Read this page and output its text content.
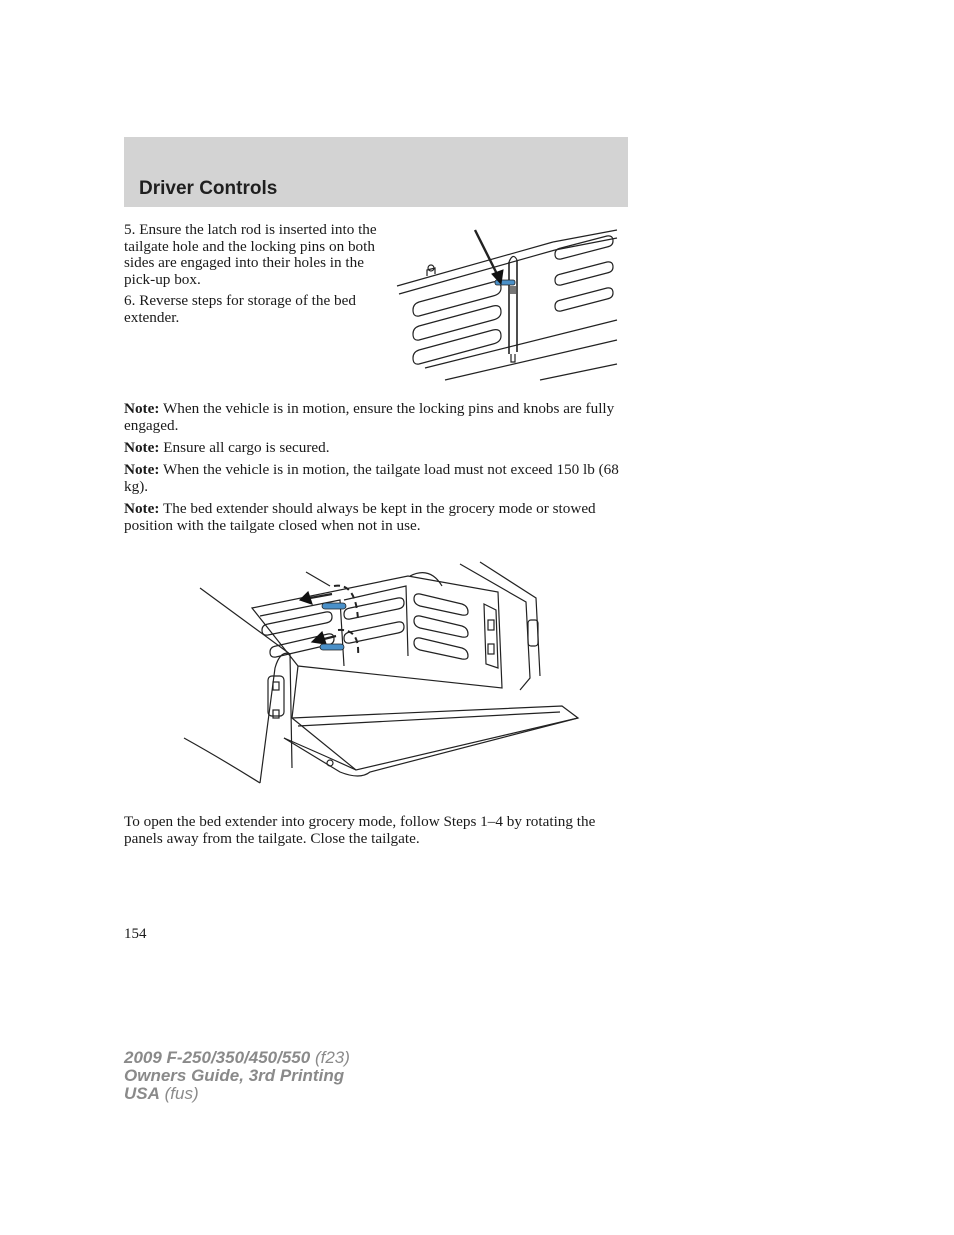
Driver Controls

5. Ensure the latch rod is inserted into the tailgate hole and the locking pins on both sides are engaged into their holes in the pick-up box.

6. Reverse steps for storage of the bed extender.

Note: When the vehicle is in motion, ensure the locking pins and knobs are fully engaged.

Note: Ensure all cargo is secured.

Note: When the vehicle is in motion, the tailgate load must not exceed 150 lb (68 kg).

Note: The bed extender should always be kept in the grocery mode or stowed position with the tailgate closed when not in use.

To open the bed extender into grocery mode, follow Steps 1–4 by rotating the panels away from the tailgate. Close the tailgate.

154
2009 F-250/350/450/550 (f23)
Owners Guide, 3rd Printing
USA (fus)
